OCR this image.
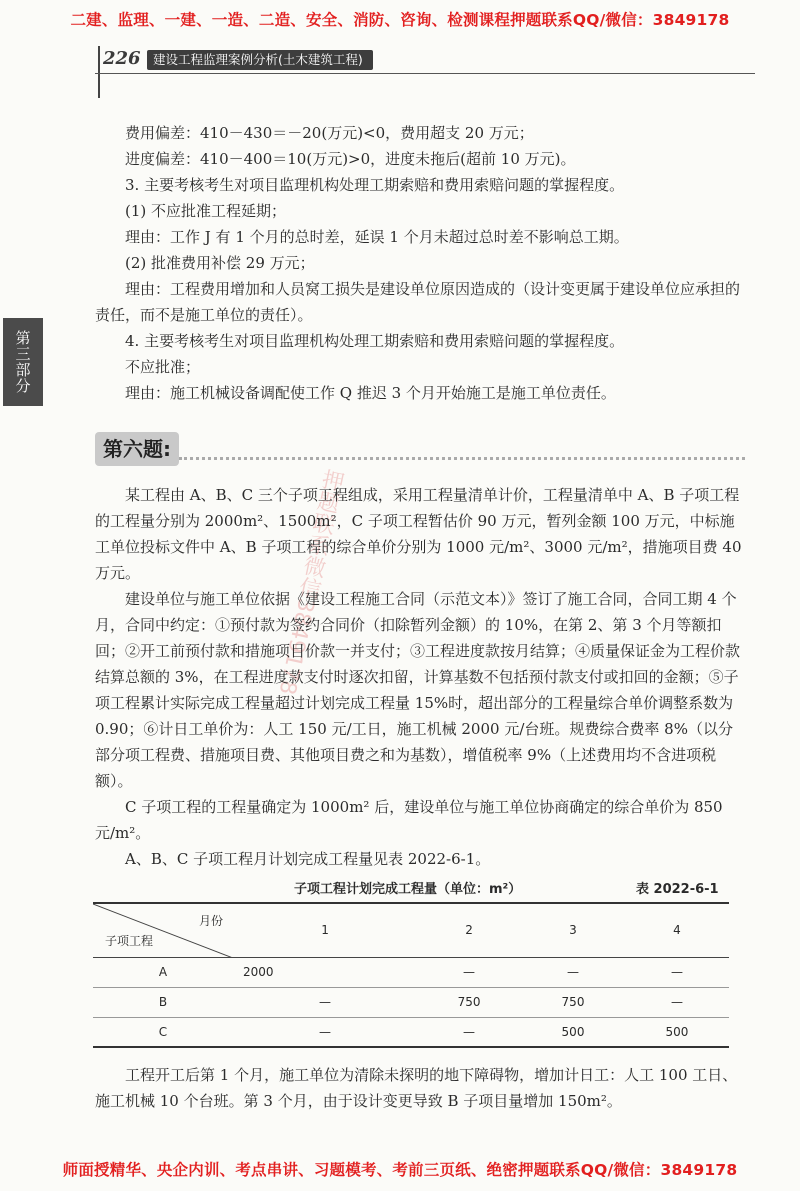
二建、监理、一建、一造、二造、安全、消防、咨询、检测课程押题联系QQ/微信：3849178
226 建设工程监理案例分析(土木建筑工程)
第三部分

费用偏差：410－430＝－20(万元)<0，费用超支 20 万元；

进度偏差：410－400＝10(万元)>0，进度未拖后(超前 10 万元)。

3. 主要考核考生对项目监理机构处理工期索赔和费用索赔问题的掌握程度。

(1) 不应批准工程延期；

理由：工作 J 有 1 个月的总时差，延误 1 个月未超过总时差不影响总工期。

(2) 批准费用补偿 29 万元；

理由：工程费用增加和人员窝工损失是建设单位原因造成的（设计变更属于建设单位应承担的责任，而不是施工单位的责任）。

4. 主要考核考生对项目监理机构处理工期索赔和费用索赔问题的掌握程度。

不应批准；

理由：施工机械设备调配使工作 Q 推迟 3 个月开始施工是施工单位责任。

第六题:
押题联系微信3849178

某工程由 A、B、C 三个子项工程组成，采用工程量清单计价，工程量清单中 A、B 子项工程的工程量分别为 2000m²、1500m²，C 子项工程暂估价 90 万元，暂列金额 100 万元，中标施工单位投标文件中 A、B 子项工程的综合单价分别为 1000 元/m²、3000 元/m²，措施项目费 40 万元。

建设单位与施工单位依据《建设工程施工合同（示范文本）》签订了施工合同，合同工期 4 个月，合同中约定：①预付款为签约合同价（扣除暂列金额）的 10%，在第 2、第 3 个月等额扣回；②开工前预付款和措施项目价款一并支付；③工程进度款按月结算；④质量保证金为工程价款结算总额的 3%，在工程进度款支付时逐次扣留，计算基数不包括预付款支付或扣回的金额；⑤子项工程累计实际完成工程量超过计划完成工程量 15%时，超出部分的工程量综合单价调整系数为 0.90；⑥计日工单价为：人工 150 元/工日，施工机械 2000 元/台班。规费综合费率 8%（以分部分项工程费、措施项目费、其他项目费之和为基数），增值税率 9%（上述费用均不含进项税额）。

C 子项工程的工程量确定为 1000m² 后，建设单位与施工单位协商确定的综合单价为 850 元/m²。

A、B、C 子项工程月计划完成工程量见表 2022-6-1。

子项工程计划完成工程量（单位：m²）	表 2022-6-1
月份
子项工程	1	2	3	4
A	2000	—	—	—
B	—	750	750	—
C	—	—	500	500

工程开工后第 1 个月，施工单位为清除未探明的地下障碍物，增加计日工：人工 100 工日、施工机械 10 个台班。第 3 个月，由于设计变更导致 B 子项目量增加 150m²。

师面授精华、央企内训、考点串讲、习题模考、考前三页纸、绝密押题联系QQ/微信：3849178
